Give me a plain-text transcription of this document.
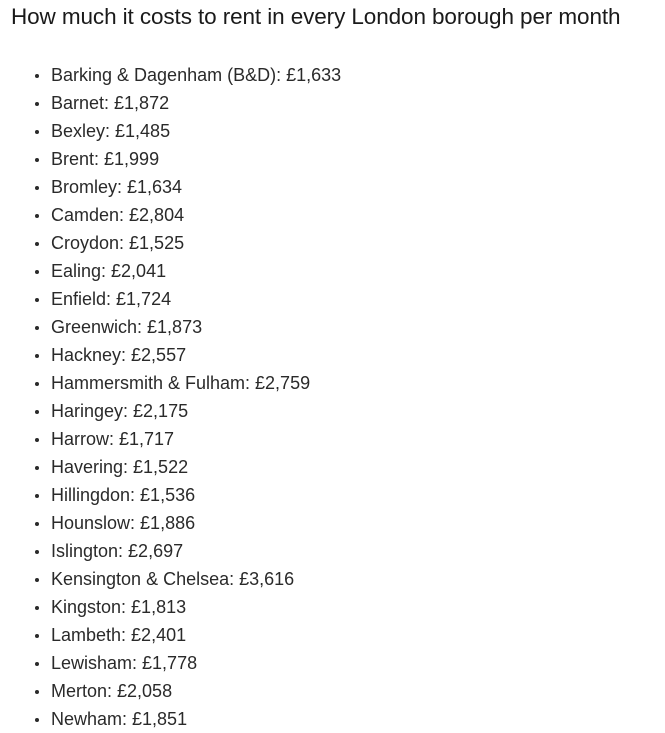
How much it costs to rent in every London borough per month
Barking & Dagenham (B&D): £1,633
Barnet: £1,872
Bexley: £1,485
Brent: £1,999
Bromley: £1,634
Camden: £2,804
Croydon: £1,525
Ealing: £2,041
Enfield: £1,724
Greenwich: £1,873
Hackney: £2,557
Hammersmith & Fulham: £2,759
Haringey: £2,175
Harrow: £1,717
Havering: £1,522
Hillingdon: £1,536
Hounslow: £1,886
Islington: £2,697
Kensington & Chelsea: £3,616
Kingston: £1,813
Lambeth: £2,401
Lewisham: £1,778
Merton: £2,058
Newham: £1,851
